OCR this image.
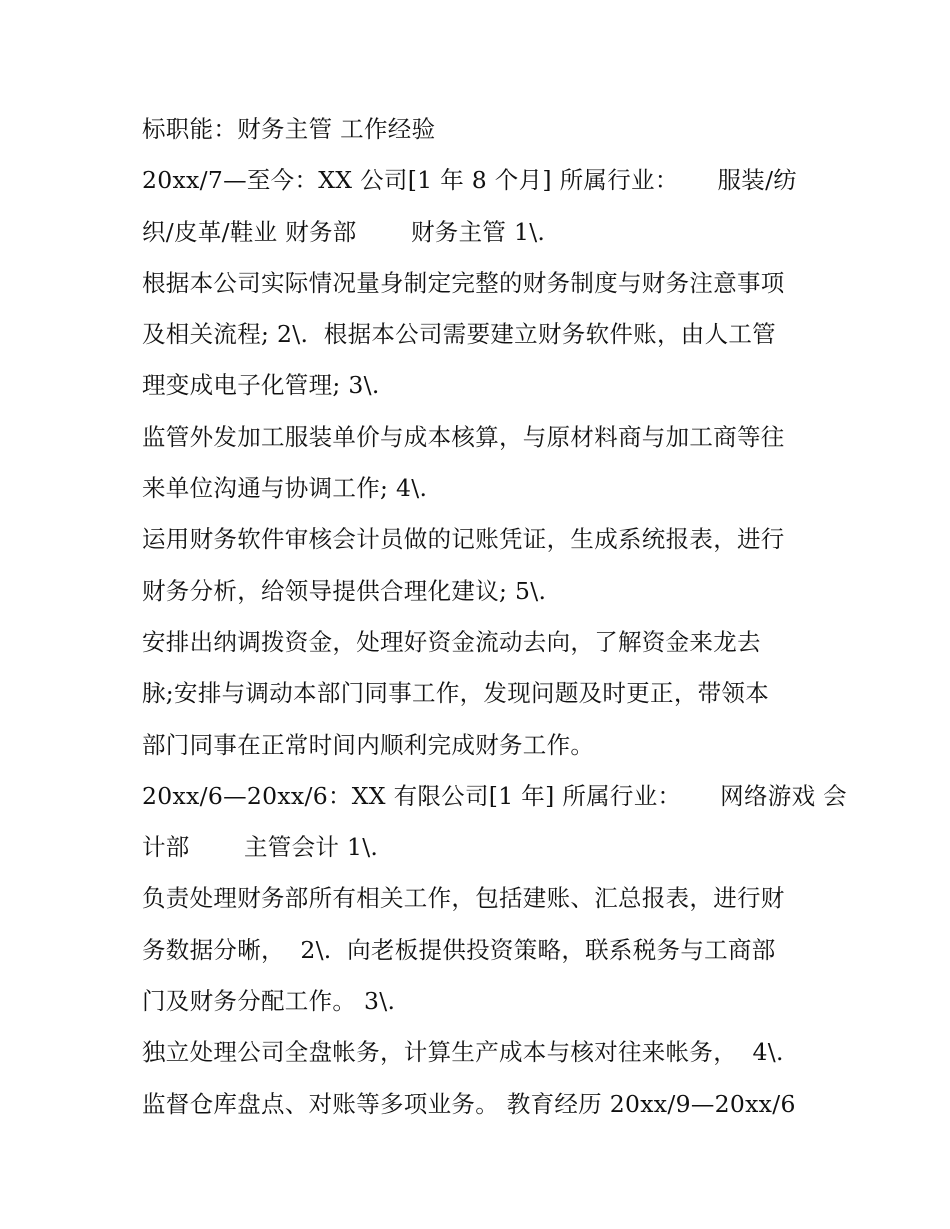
标职能：财务主管 工作经验
20xx/7—至今：XX 公司[1 年 8 个月] 所属行业：     服装/纺
织/皮革/鞋业 财务部       财务主管 1\.
根据本公司实际情况量身制定完整的财务制度与财务注意事项
及相关流程; 2\.  根据本公司需要建立财务软件账，由人工管
理变成电子化管理; 3\.
监管外发加工服装单价与成本核算，与原材料商与加工商等往
来单位沟通与协调工作; 4\.
运用财务软件审核会计员做的记账凭证，生成系统报表，进行
财务分析，给领导提供合理化建议; 5\.
安排出纳调拨资金，处理好资金流动去向，了解资金来龙去
脉;安排与调动本部门同事工作，发现问题及时更正，带领本
部门同事在正常时间内顺利完成财务工作。
20xx/6—20xx/6：XX 有限公司[1 年] 所属行业：     网络游戏 会
计部       主管会计 1\.
负责处理财务部所有相关工作，包括建账、汇总报表，进行财
务数据分晰，  2\.  向老板提供投资策略，联系税务与工商部
门及财务分配工作。 3\.
独立处理公司全盘帐务，计算生产成本与核对往来帐务，  4\.
监督仓库盘点、对账等多项业务。 教育经历 20xx/9—20xx/6
